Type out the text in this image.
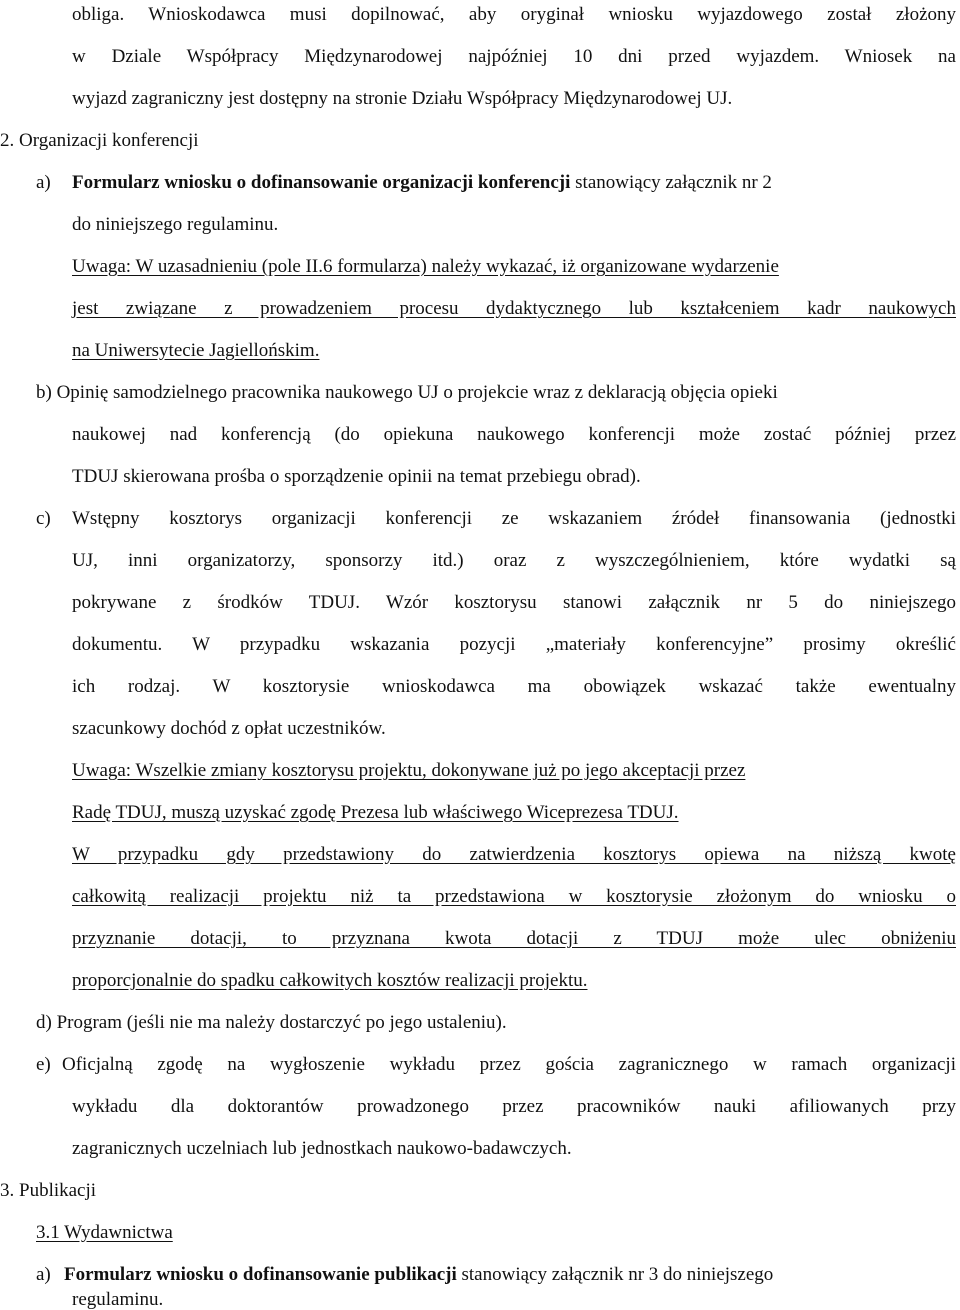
obliga. Wnioskodawca musi dopilnować, aby oryginał wniosku wyjazdowego został złożony
w Dziale Współpracy Międzynarodowej najpóźniej 10 dni przed wyjazdem. Wniosek na
wyjazd zagraniczny jest dostępny na stronie Działu Współpracy Międzynarodowej UJ.
2. Organizacji konferencji
a) Formularz wniosku o dofinansowanie organizacji konferencji stanowiący załącznik nr 2
do niniejszego regulaminu.
Uwaga: W uzasadnieniu (pole II.6 formularza) należy wykazać, iż organizowane wydarzenie
jest związane z prowadzeniem procesu dydaktycznego lub kształceniem kadr naukowych
na Uniwersytecie Jagiellońskim.
b) Opinię samodzielnego pracownika naukowego UJ o projekcie wraz z deklaracją objęcia opieki
naukowej nad konferencją (do opiekuna naukowego konferencji może zostać później przez
TDUJ skierowana prośba o sporządzenie opinii na temat przebiegu obrad).
c) Wstępny kosztorys organizacji konferencji ze wskazaniem źródeł finansowania (jednostki
UJ, inni organizatorzy, sponsorzy itd.) oraz z wyszczególnieniem, które wydatki są
pokrywane z środków TDUJ. Wzór kosztorysu stanowi załącznik nr 5 do niniejszego
dokumentu. W przypadku wskazania pozycji „materiały konferencyjne” prosimy określić
ich rodzaj. W kosztorysie wnioskodawca ma obowiązek wskazać także ewentualny
szacunkowy dochód z opłat uczestników.
Uwaga: Wszelkie zmiany kosztorysu projektu, dokonywane już po jego akceptacji przez
Radę TDUJ, muszą uzyskać zgodę Prezesa lub właściwego Wiceprezesa TDUJ.
W przypadku gdy przedstawiony do zatwierdzenia kosztorys opiewa na niższą kwotę
całkowitą realizacji projektu niż ta przedstawiona w kosztorysie złożonym do wniosku o
przyznanie dotacji, to przyznana kwota dotacji z TDUJ może ulec obniżeniu
proporcjonalnie do spadku całkowitych kosztów realizacji projektu.
d) Program (jeśli nie ma należy dostarczyć po jego ustaleniu).
e) Oficjalną zgodę na wygłoszenie wykładu przez gościa zagranicznego w ramach organizacji
wykładu dla doktorantów prowadzonego przez pracowników nauki afiliowanych przy
zagranicznych uczelniach lub jednostkach naukowo-badawczych.
3. Publikacji
3.1 Wydawnictwa
a) Formularz wniosku o dofinansowanie publikacji stanowiący załącznik nr 3 do niniejszego
regulaminu.
